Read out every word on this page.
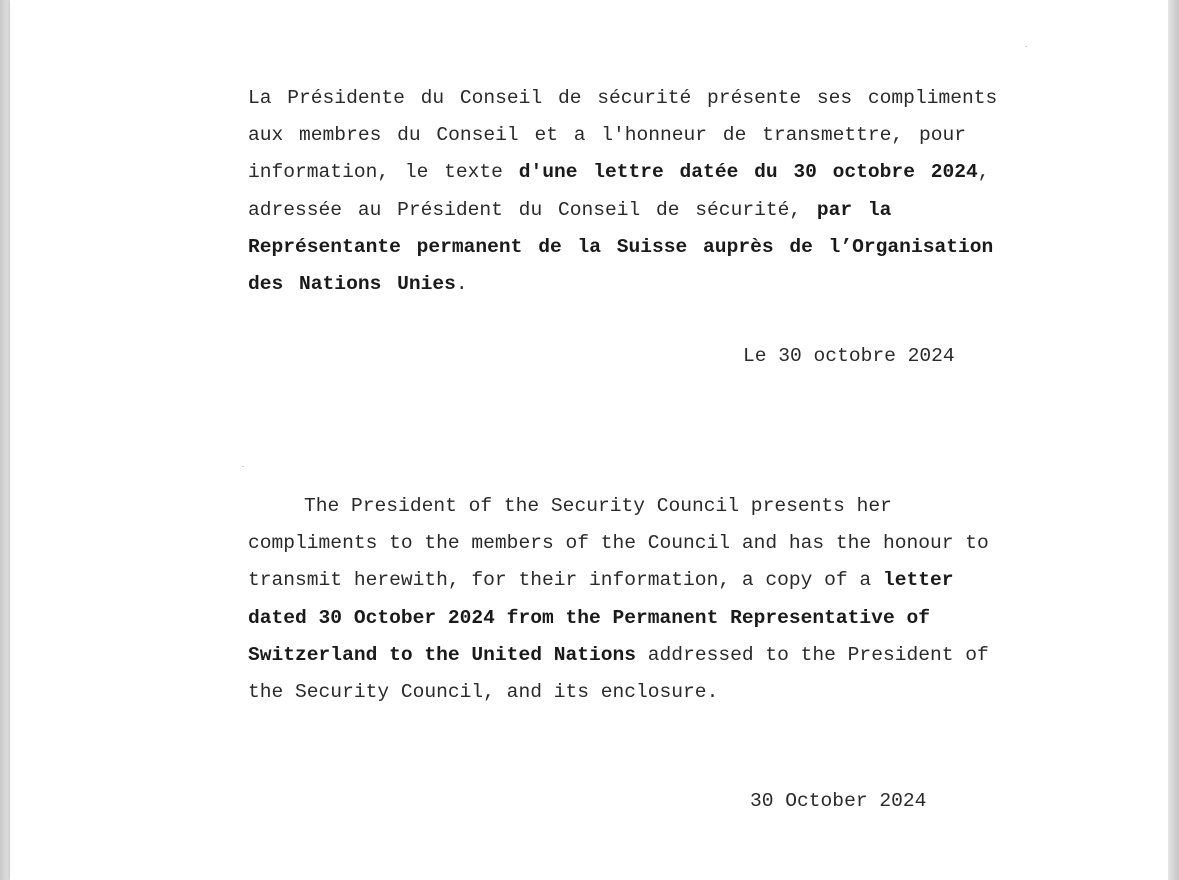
La Présidente du Conseil de sécurité présente ses compliments aux membres du Conseil et a l'honneur de transmettre, pour information, le texte d'une lettre datée du 30 octobre 2024, adressée au Président du Conseil de sécurité, par la Représentante permanent de la Suisse auprès de l’Organisation des Nations Unies.

Le 30 octobre 2024

The President of the Security Council presents her compliments to the members of the Council and has the honour to transmit herewith, for their information, a copy of a letter dated 30 October 2024 from the Permanent Representative of Switzerland to the United Nations addressed to the President of the Security Council, and its enclosure.

30 October 2024
